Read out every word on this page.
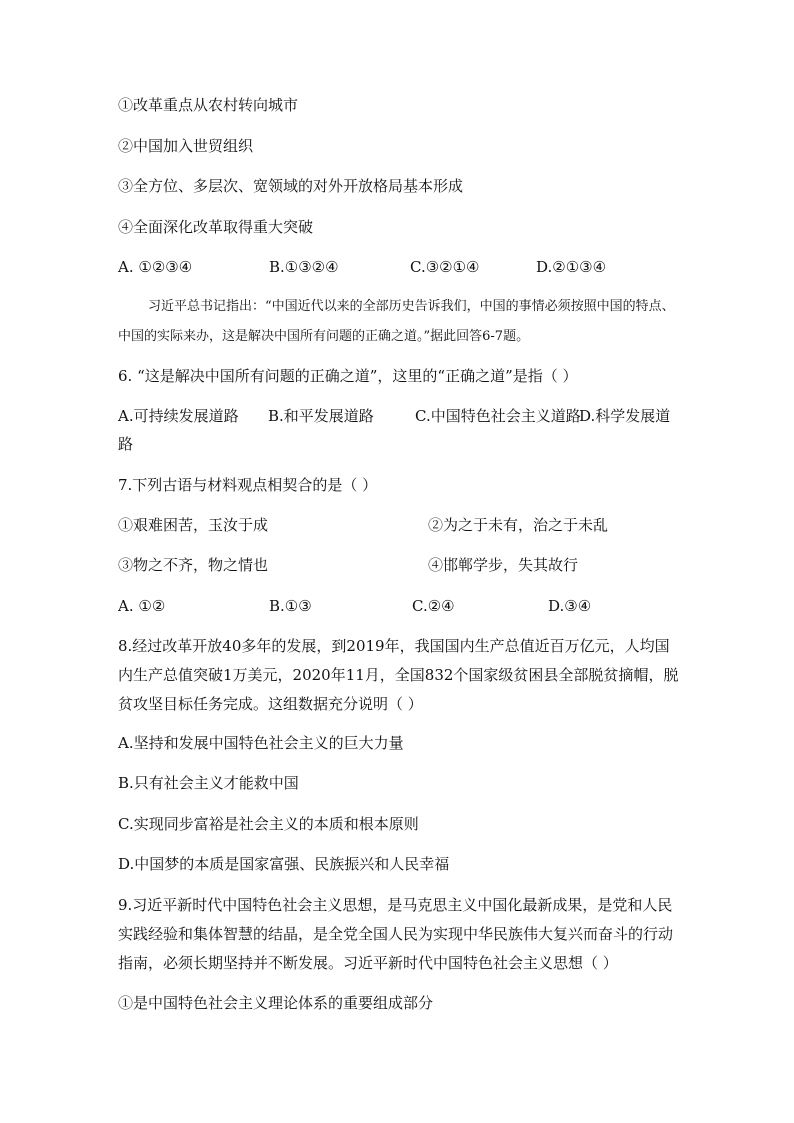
①改革重点从农村转向城市
②中国加入世贸组织
③全方位、多层次、宽领域的对外开放格局基本形成
④全面深化改革取得重大突破
A. ①②③④	B.①③②④	C.③②①④	D.②①③④
习近平总书记指出：“中国近代以来的全部历史告诉我们，中国的事情必须按照中国的特点、中国的实际来办，这是解决中国所有问题的正确之道。”据此回答6-7题。
6. “这是解决中国所有问题的正确之道”，这里的“正确之道”是指（ ）
A.可持续发展道路 B.和平发展道路	C.中国特色社会主义道路
D.科学发展道
路
7.下列古语与材料观点相契合的是（ ）
①艰难困苦，玉汝于成	②为之于未有，治之于未乱
③物之不齐，物之情也	④邯郸学步，失其故行
A. ①②	B.①③	C.②④	D.③④
8.经过改革开放40多年的发展，到2019年，我国国内生产总值近百万亿元，人均国内生产总值突破1万美元，2020年11月，全国832个国家级贫困县全部脱贫摘帽，脱贫攻坚目标任务完成。这组数据充分说明（ ）
A.坚持和发展中国特色社会主义的巨大力量
B.只有社会主义才能救中国
C.实现同步富裕是社会主义的本质和根本原则
D.中国梦的本质是国家富强、民族振兴和人民幸福
9.习近平新时代中国特色社会主义思想，是马克思主义中国化最新成果，是党和人民实践经验和集体智慧的结晶，是全党全国人民为实现中华民族伟大复兴而奋斗的行动指南，必须长期坚持并不断发展。习近平新时代中国特色社会主义思想（ ）
①是中国特色社会主义理论体系的重要组成部分
